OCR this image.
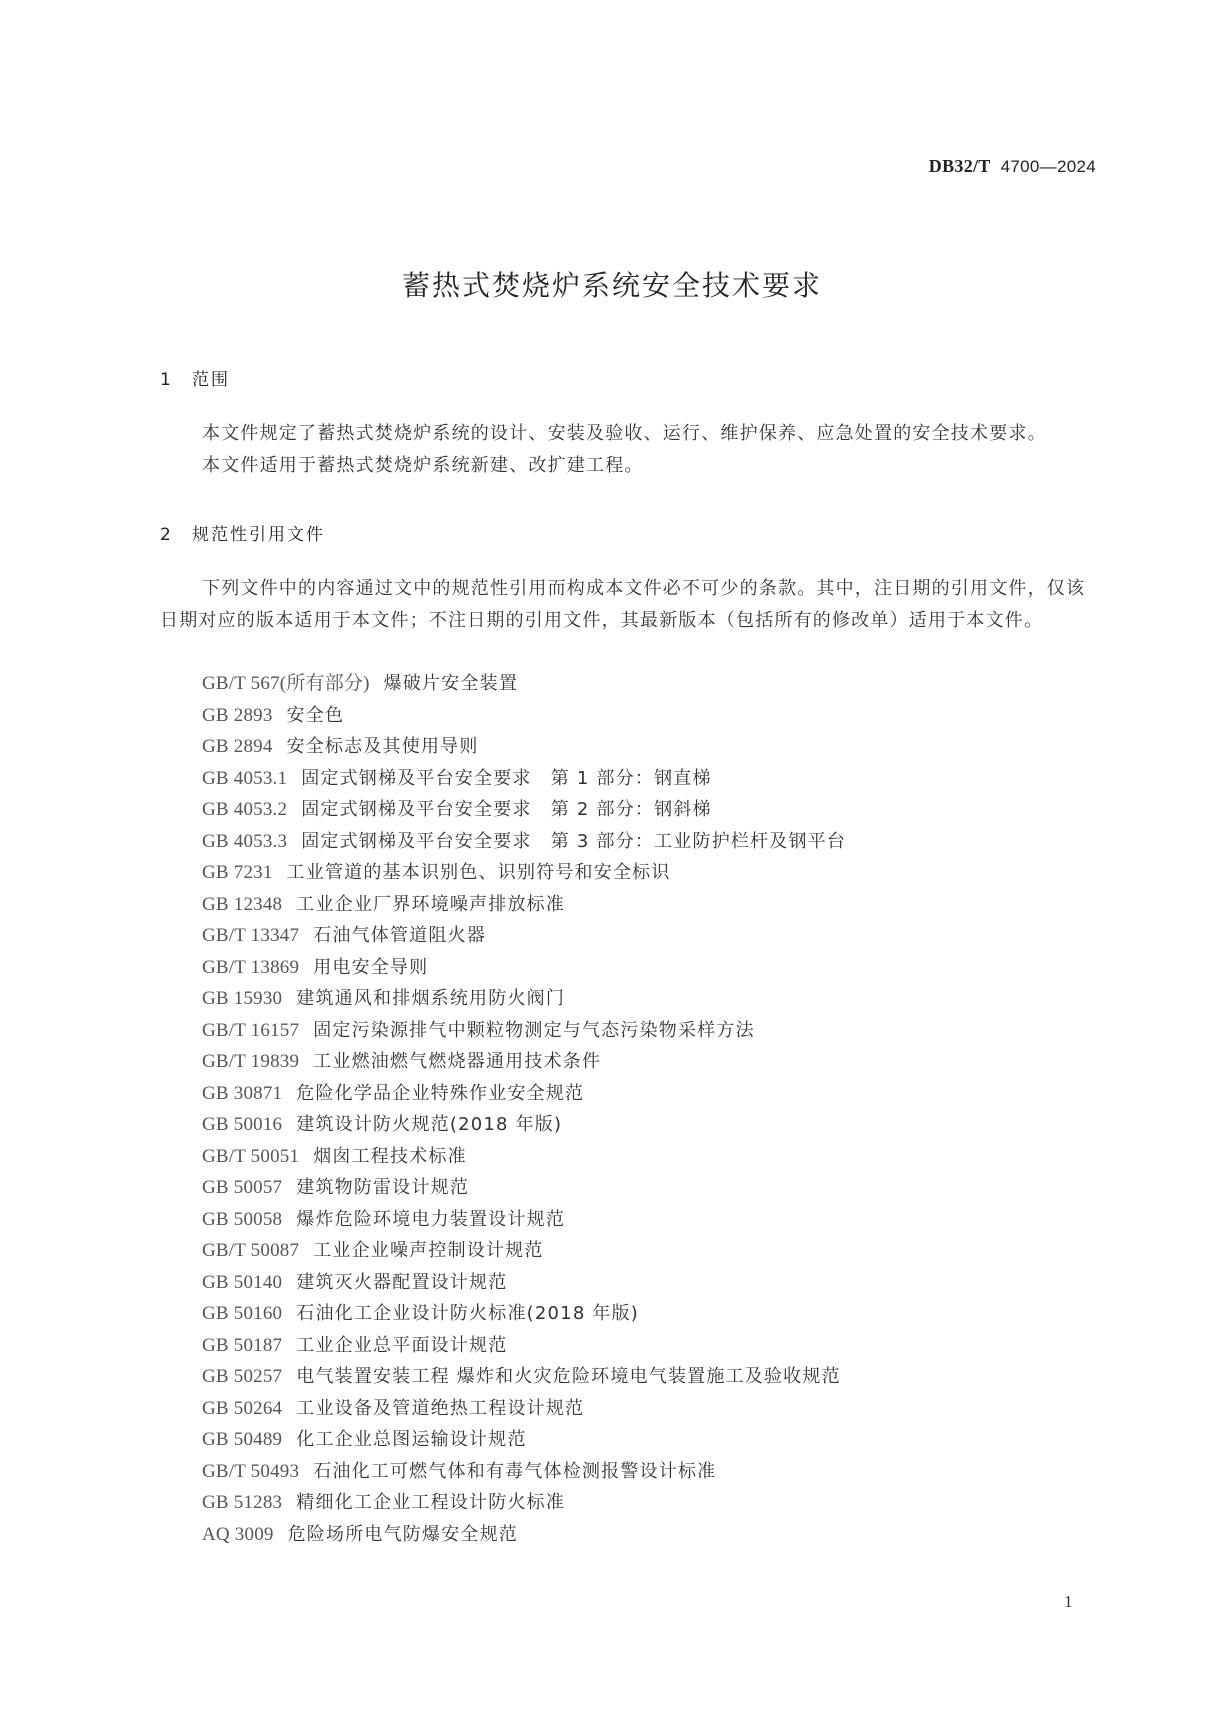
DB32/T 4700—2024
蓄热式焚烧炉系统安全技术要求
1 范围
本文件规定了蓄热式焚烧炉系统的设计、安装及验收、运行、维护保养、应急处置的安全技术要求。
本文件适用于蓄热式焚烧炉系统新建、改扩建工程。
2 规范性引用文件
下列文件中的内容通过文中的规范性引用而构成本文件必不可少的条款。其中，注日期的引用文件，仅该日期对应的版本适用于本文件；不注日期的引用文件，其最新版本（包括所有的修改单）适用于本文件。
GB/T 567(所有部分) 爆破片安全装置
GB 2893 安全色
GB 2894 安全标志及其使用导则
GB 4053.1 固定式钢梯及平台安全要求　第 1 部分：钢直梯
GB 4053.2 固定式钢梯及平台安全要求　第 2 部分：钢斜梯
GB 4053.3 固定式钢梯及平台安全要求　第 3 部分：工业防护栏杆及钢平台
GB 7231 工业管道的基本识别色、识别符号和安全标识
GB 12348 工业企业厂界环境噪声排放标准
GB/T 13347 石油气体管道阻火器
GB/T 13869 用电安全导则
GB 15930 建筑通风和排烟系统用防火阀门
GB/T 16157 固定污染源排气中颗粒物测定与气态污染物采样方法
GB/T 19839 工业燃油燃气燃烧器通用技术条件
GB 30871 危险化学品企业特殊作业安全规范
GB 50016 建筑设计防火规范(2018 年版)
GB/T 50051 烟囱工程技术标准
GB 50057 建筑物防雷设计规范
GB 50058 爆炸危险环境电力装置设计规范
GB/T 50087 工业企业噪声控制设计规范
GB 50140 建筑灭火器配置设计规范
GB 50160 石油化工企业设计防火标准(2018 年版)
GB 50187 工业企业总平面设计规范
GB 50257 电气装置安装工程 爆炸和火灾危险环境电气装置施工及验收规范
GB 50264 工业设备及管道绝热工程设计规范
GB 50489 化工企业总图运输设计规范
GB/T 50493 石油化工可燃气体和有毒气体检测报警设计标准
GB 51283 精细化工企业工程设计防火标准
AQ 3009 危险场所电气防爆安全规范
1
